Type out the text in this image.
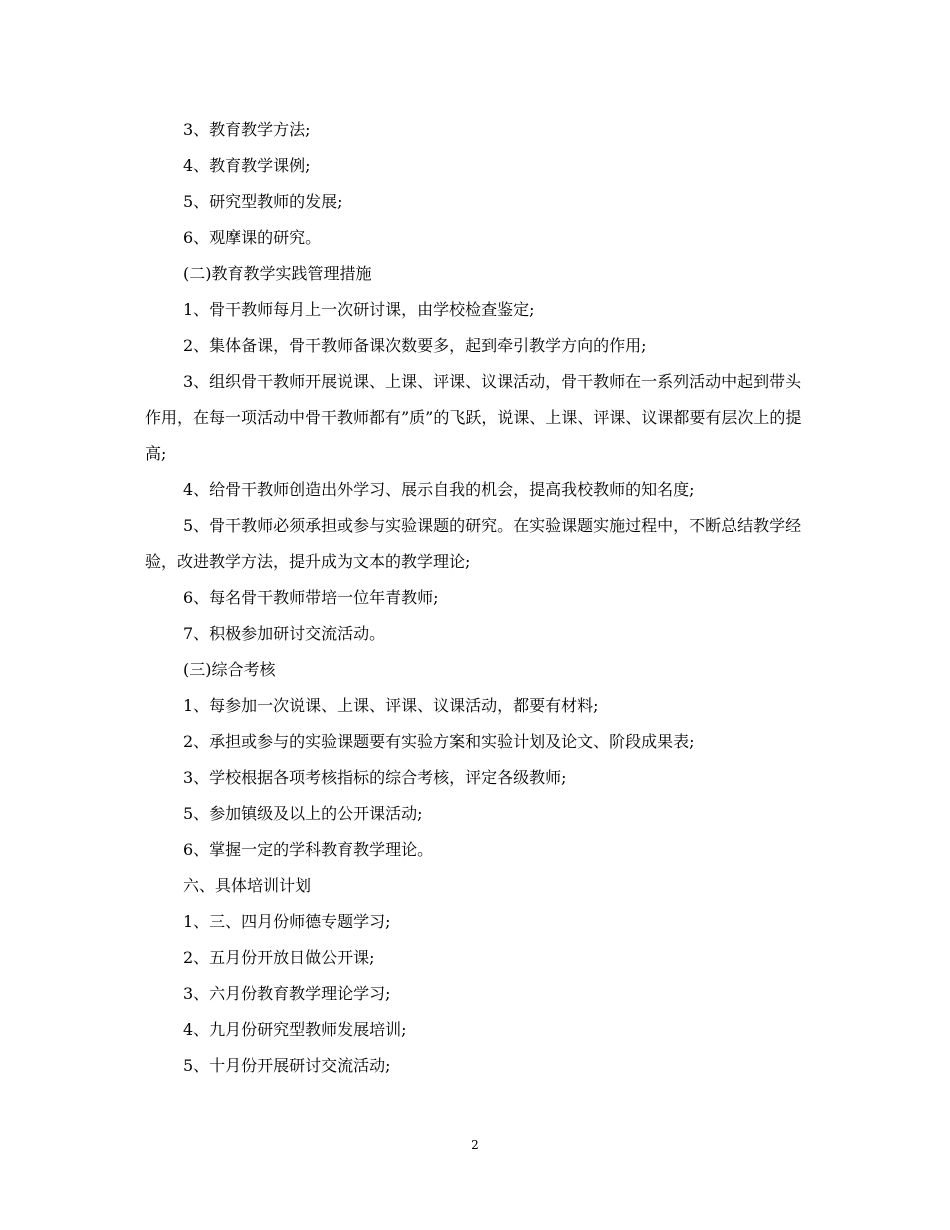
3、教育教学方法;

4、教育教学课例;

5、研究型教师的发展;

6、观摩课的研究。

(二)教育教学实践管理措施

1、骨干教师每月上一次研讨课，由学校检查鉴定;

2、集体备课，骨干教师备课次数要多，起到牵引教学方向的作用;

3、组织骨干教师开展说课、上课、评课、议课活动，骨干教师在一系列活动中起到带头作用，在每一项活动中骨干教师都有”质”的飞跃，说课、上课、评课、议课都要有层次上的提高;

4、给骨干教师创造出外学习、展示自我的机会，提高我校教师的知名度;

5、骨干教师必须承担或参与实验课题的研究。在实验课题实施过程中，不断总结教学经验，改进教学方法，提升成为文本的教学理论;

6、每名骨干教师带培一位年青教师;

7、积极参加研讨交流活动。

(三)综合考核

1、每参加一次说课、上课、评课、议课活动，都要有材料;

2、承担或参与的实验课题要有实验方案和实验计划及论文、阶段成果表;

3、学校根据各项考核指标的综合考核，评定各级教师;

5、参加镇级及以上的公开课活动;

6、掌握一定的学科教育教学理论。

六、具体培训计划

1、三、四月份师德专题学习;

2、五月份开放日做公开课;

3、六月份教育教学理论学习;

4、九月份研究型教师发展培训;

5、十月份开展研讨交流活动;

2
